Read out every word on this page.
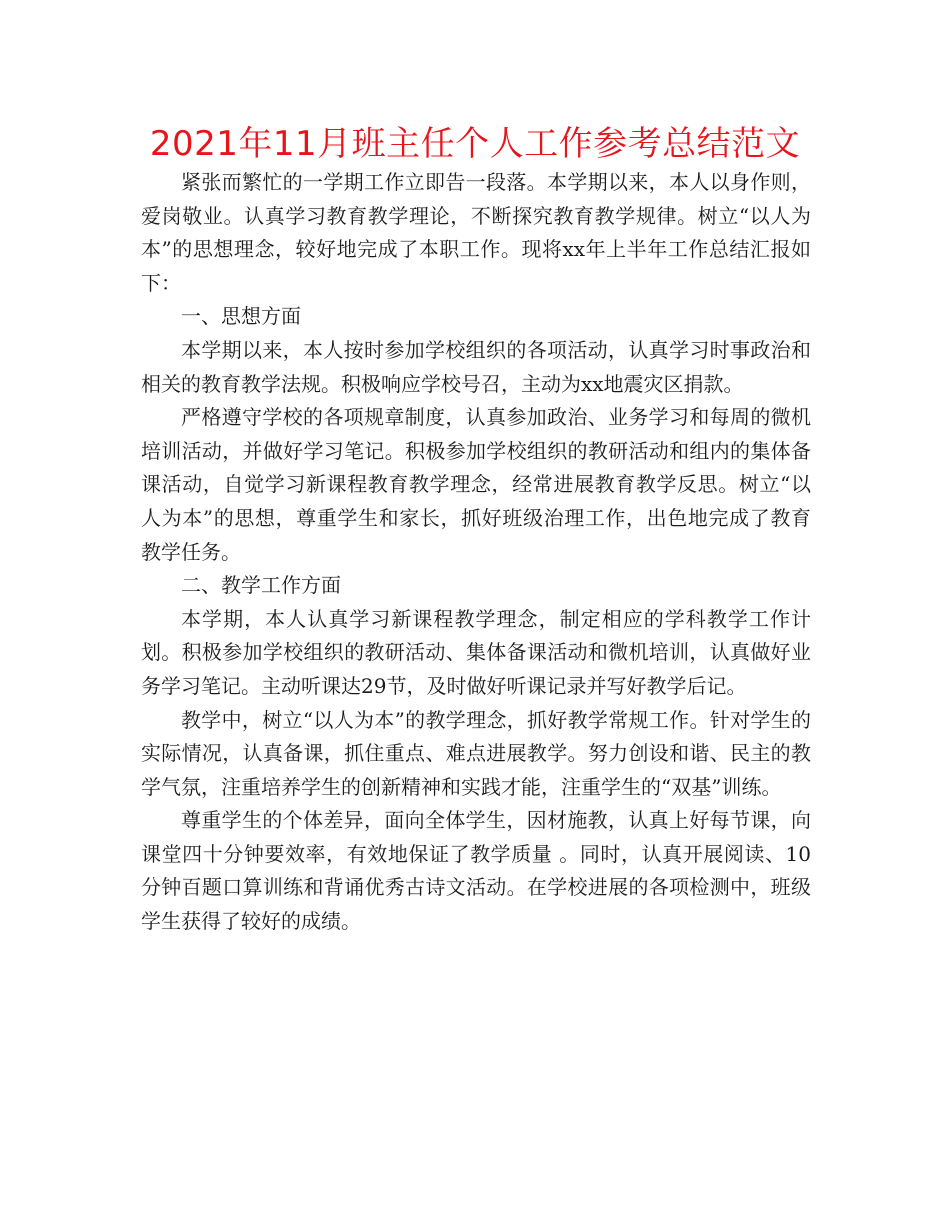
2021年11月班主任个人工作参考总结范文

紧张而繁忙的一学期工作立即告一段落。本学期以来，本人以身作则，爱岗敬业。认真学习教育教学理论，不断探究教育教学规律。树立“以人为本”的思想理念，较好地完成了本职工作。现将xx年上半年工作总结汇报如下：

一、思想方面

本学期以来，本人按时参加学校组织的各项活动，认真学习时事政治和相关的教育教学法规。积极响应学校号召，主动为xx地震灾区捐款。

严格遵守学校的各项规章制度，认真参加政治、业务学习和每周的微机培训活动，并做好学习笔记。积极参加学校组织的教研活动和组内的集体备课活动，自觉学习新课程教育教学理念，经常进展教育教学反思。树立“以人为本”的思想，尊重学生和家长，抓好班级治理工作，出色地完成了教育教学任务。

二、教学工作方面

本学期，本人认真学习新课程教学理念，制定相应的学科教学工作计划。积极参加学校组织的教研活动、集体备课活动和微机培训，认真做好业务学习笔记。主动听课达29节，及时做好听课记录并写好教学后记。

教学中，树立“以人为本”的教学理念，抓好教学常规工作。针对学生的实际情况，认真备课，抓住重点、难点进展教学。努力创设和谐、民主的教学气氛，注重培养学生的创新精神和实践才能，注重学生的“双基”训练。

尊重学生的个体差异，面向全体学生，因材施教，认真上好每节课，向课堂四十分钟要效率，有效地保证了教学质量 。同时，认真开展阅读、10分钟百题口算训练和背诵优秀古诗文活动。在学校进展的各项检测中，班级学生获得了较好的成绩。
